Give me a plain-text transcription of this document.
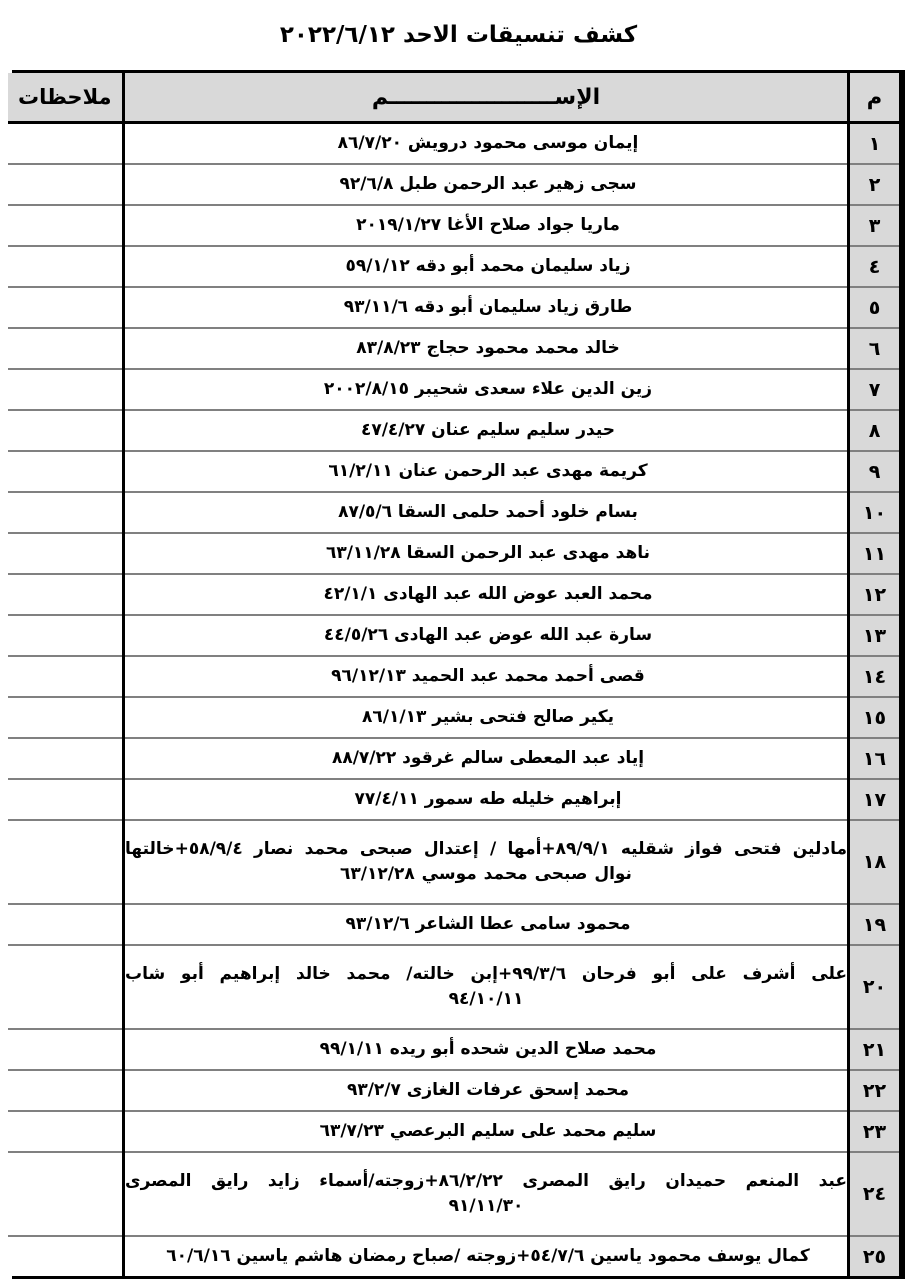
كشف تنسيقات الاحد ٢٠٢٢/٦/١٢
م	الإســــــــــــــــــــــم	ملاحظات
١	إيمان موسى محمود درويش ٨٦/٧/٢٠	

٢	سجى زهير عبد الرحمن طبل ٩٢/٦/٨	

٣	ماريا جواد صلاح الأغا ٢٠١٩/١/٢٧	

٤	زياد سليمان محمد أبو دقه ٥٩/١/١٢	

٥	طارق زياد سليمان أبو دقه ٩٣/١١/٦	

٦	خالد محمد محمود حجاج ٨٣/٨/٢٣	

٧	زين الدين علاء سعدى شحيبر ٢٠٠٢/٨/١٥	

٨	حيدر سليم سليم عنان ٤٧/٤/٢٧	

٩	كريمة مهدى عبد الرحمن عنان ٦١/٢/١١	

١٠	بسام خلود أحمد حلمى السقا ٨٧/٥/٦	

١١	ناهد مهدى عبد الرحمن السقا ٦٣/١١/٢٨	

١٢	محمد العبد عوض الله عبد الهادى ٤٢/١/١	

١٣	سارة عبد الله عوض عبد الهادى ٤٤/٥/٢٦	

١٤	قصى أحمد محمد عبد الحميد ٩٦/١٢/١٣	

١٥	يكير صالح فتحى بشير ٨٦/١/١٣	

١٦	إياد عبد المعطى سالم غرقود ٨٨/٧/٢٢	

١٧	إبراهيم خليله طه سمور ٧٧/٤/١١	

١٨	مادلين فتحى فواز شقليه ٨٩/٩/١+أمها / إعتدال صبحى محمد نصار ٥٨/٩/٤+خالتها
نوال صبحى محمد موسي ٦٣/١٢/٢٨	

١٩	محمود سامى عطا الشاعر ٩٣/١٢/٦	

٢٠	على أشرف على أبو فرحان ٩٩/٣/٦+إبن خالته/ محمد خالد إبراهيم أبو شاب
٩٤/١٠/١١	

٢١	محمد صلاح الدين شحده أبو ريده ٩٩/١/١١	

٢٢	محمد إسحق عرفات الغازى ٩٣/٢/٧	

٢٣	سليم محمد على سليم البرعصي ٦٣/٧/٢٣	

٢٤	عبد المنعم حميدان رايق المصرى ٨٦/٢/٢٢+زوجته/أسماء زايد رايق المصرى
٩١/١١/٣٠	

٢٥	كمال يوسف محمود ياسين ٥٤/٧/٦+زوجته /صباح رمضان هاشم ياسين ٦٠/٦/١٦	
